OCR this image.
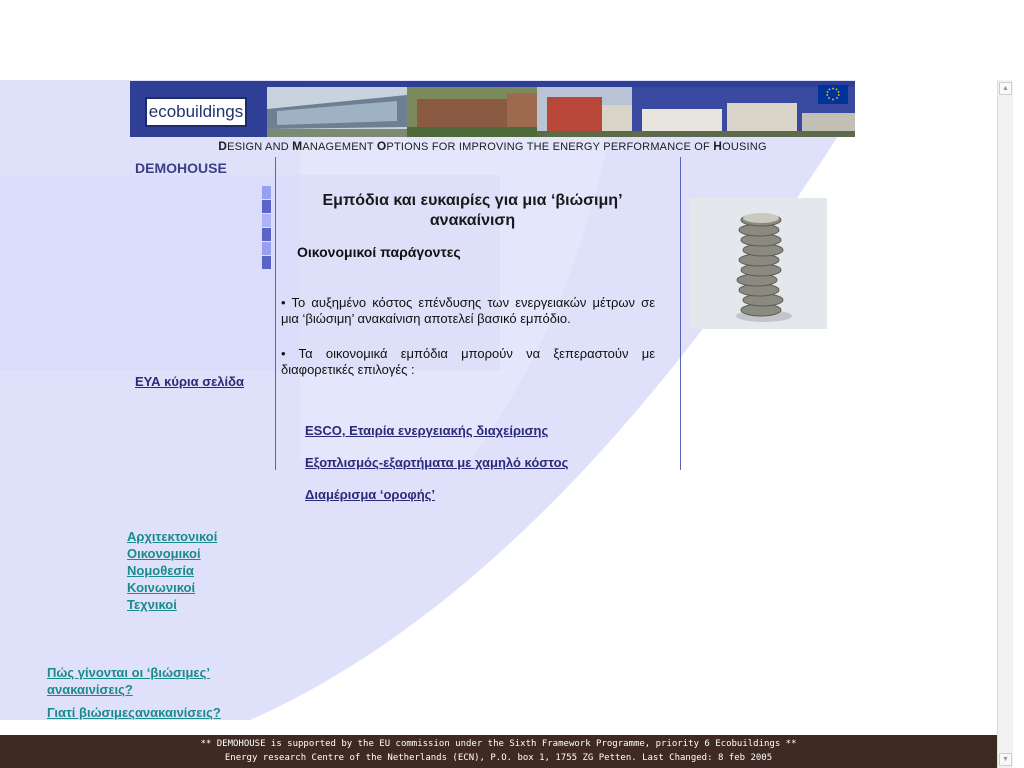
ecobuildings
DESIGN AND MANAGEMENT OPTIONS FOR IMPROVING THE ENERGY PERFORMANCE OF HOUSING
DEMOHOUSE
ΕΥΑ κύρια σελίδα
Εμπόδια και ευκαιρίες για μια ‘βιώσιμη’ ανακαίνιση
Οικονομικοί παράγοντες
• Το αυξημένο κόστος επένδυσης των ενεργειακών μέτρων σε μια ‘βιώσιμη’ ανακαίνιση αποτελεί βασικό εμπόδιο.
• Τα οικονομικά εμπόδια μπορούν να ξεπεραστούν με διαφορετικές επιλογές :
ESCO, Εταιρία ενεργειακής διαχείρισης
Εξοπλισμός-εξαρτήματα με χαμηλό κόστος
Διαμέρισμα ‘οροφής’
Αρχιτεκτονικοί
Οικονομικοί
Νομοθεσία
Κοινωνικοί
Τεχνικοί
Πώς γίνονται οι ‘βιώσιμες’ ανακαινίσεις?
Γιατί βιώσιμεςανακαινίσεις?
** DEMOHOUSE is supported by the EU commission under the Sixth Framework Programme, priority 6 Ecobuildings **
Energy research Centre of the Netherlands (ECN), P.O. box 1, 1755 ZG Petten. Last Changed: 8 feb 2005
▲
▼
